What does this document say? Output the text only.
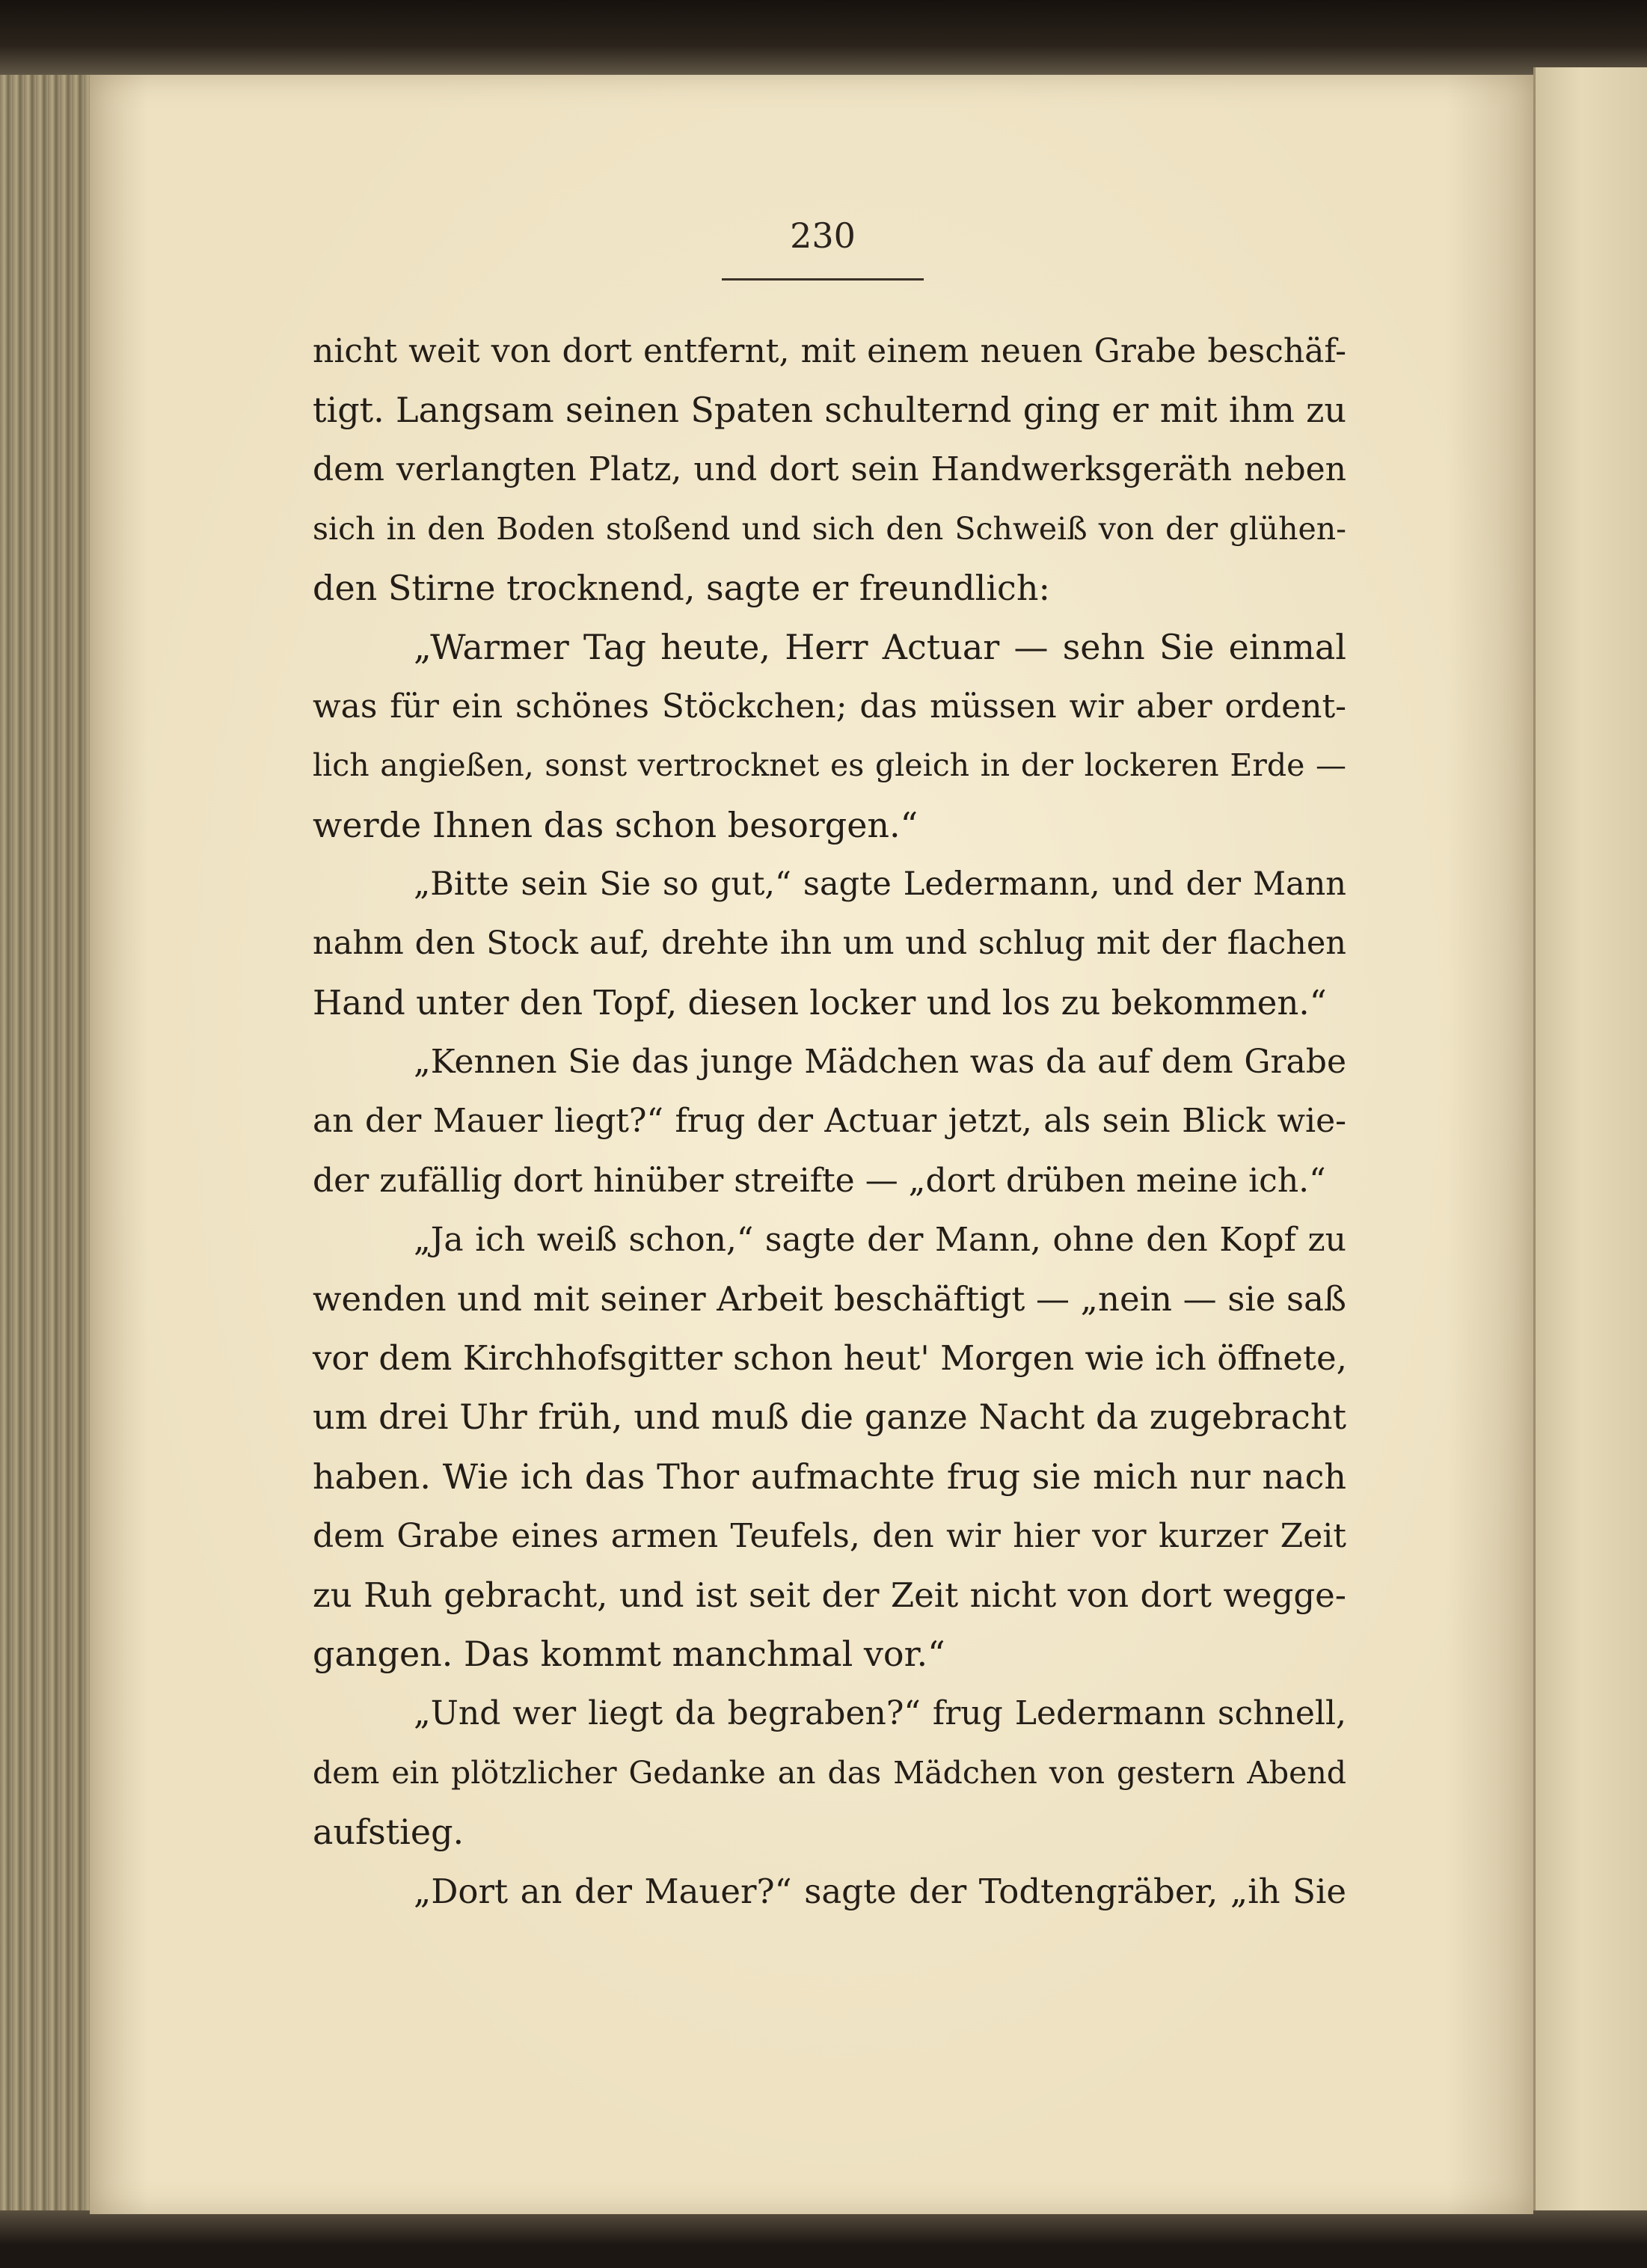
230
nicht weit von dort entfernt, mit einem neuen Grabe beschäf-
tigt. Langsam seinen Spaten schulternd ging er mit ihm zu
dem verlangten Platz, und dort sein Handwerksgeräth neben
sich in den Boden stoßend und sich den Schweiß von der glühen-
den Stirne trocknend, sagte er freundlich:
„Warmer Tag heute, Herr Actuar — sehn Sie einmal
was für ein schönes Stöckchen; das müssen wir aber ordent-
lich angießen, sonst vertrocknet es gleich in der lockeren Erde —
werde Ihnen das schon besorgen.“
„Bitte sein Sie so gut,“ sagte Ledermann, und der Mann
nahm den Stock auf, drehte ihn um und schlug mit der flachen
Hand unter den Topf, diesen locker und los zu bekommen.“
„Kennen Sie das junge Mädchen was da auf dem Grabe
an der Mauer liegt?“ frug der Actuar jetzt, als sein Blick wie-
der zufällig dort hinüber streifte — „dort drüben meine ich.“
„Ja ich weiß schon,“ sagte der Mann, ohne den Kopf zu
wenden und mit seiner Arbeit beschäftigt — „nein — sie saß
vor dem Kirchhofsgitter schon heut' Morgen wie ich öffnete,
um drei Uhr früh, und muß die ganze Nacht da zugebracht
haben. Wie ich das Thor aufmachte frug sie mich nur nach
dem Grabe eines armen Teufels, den wir hier vor kurzer Zeit
zu Ruh gebracht, und ist seit der Zeit nicht von dort wegge-
gangen. Das kommt manchmal vor.“
„Und wer liegt da begraben?“ frug Ledermann schnell,
dem ein plötzlicher Gedanke an das Mädchen von gestern Abend
aufstieg.
„Dort an der Mauer?“ sagte der Todtengräber, „ih Sie
